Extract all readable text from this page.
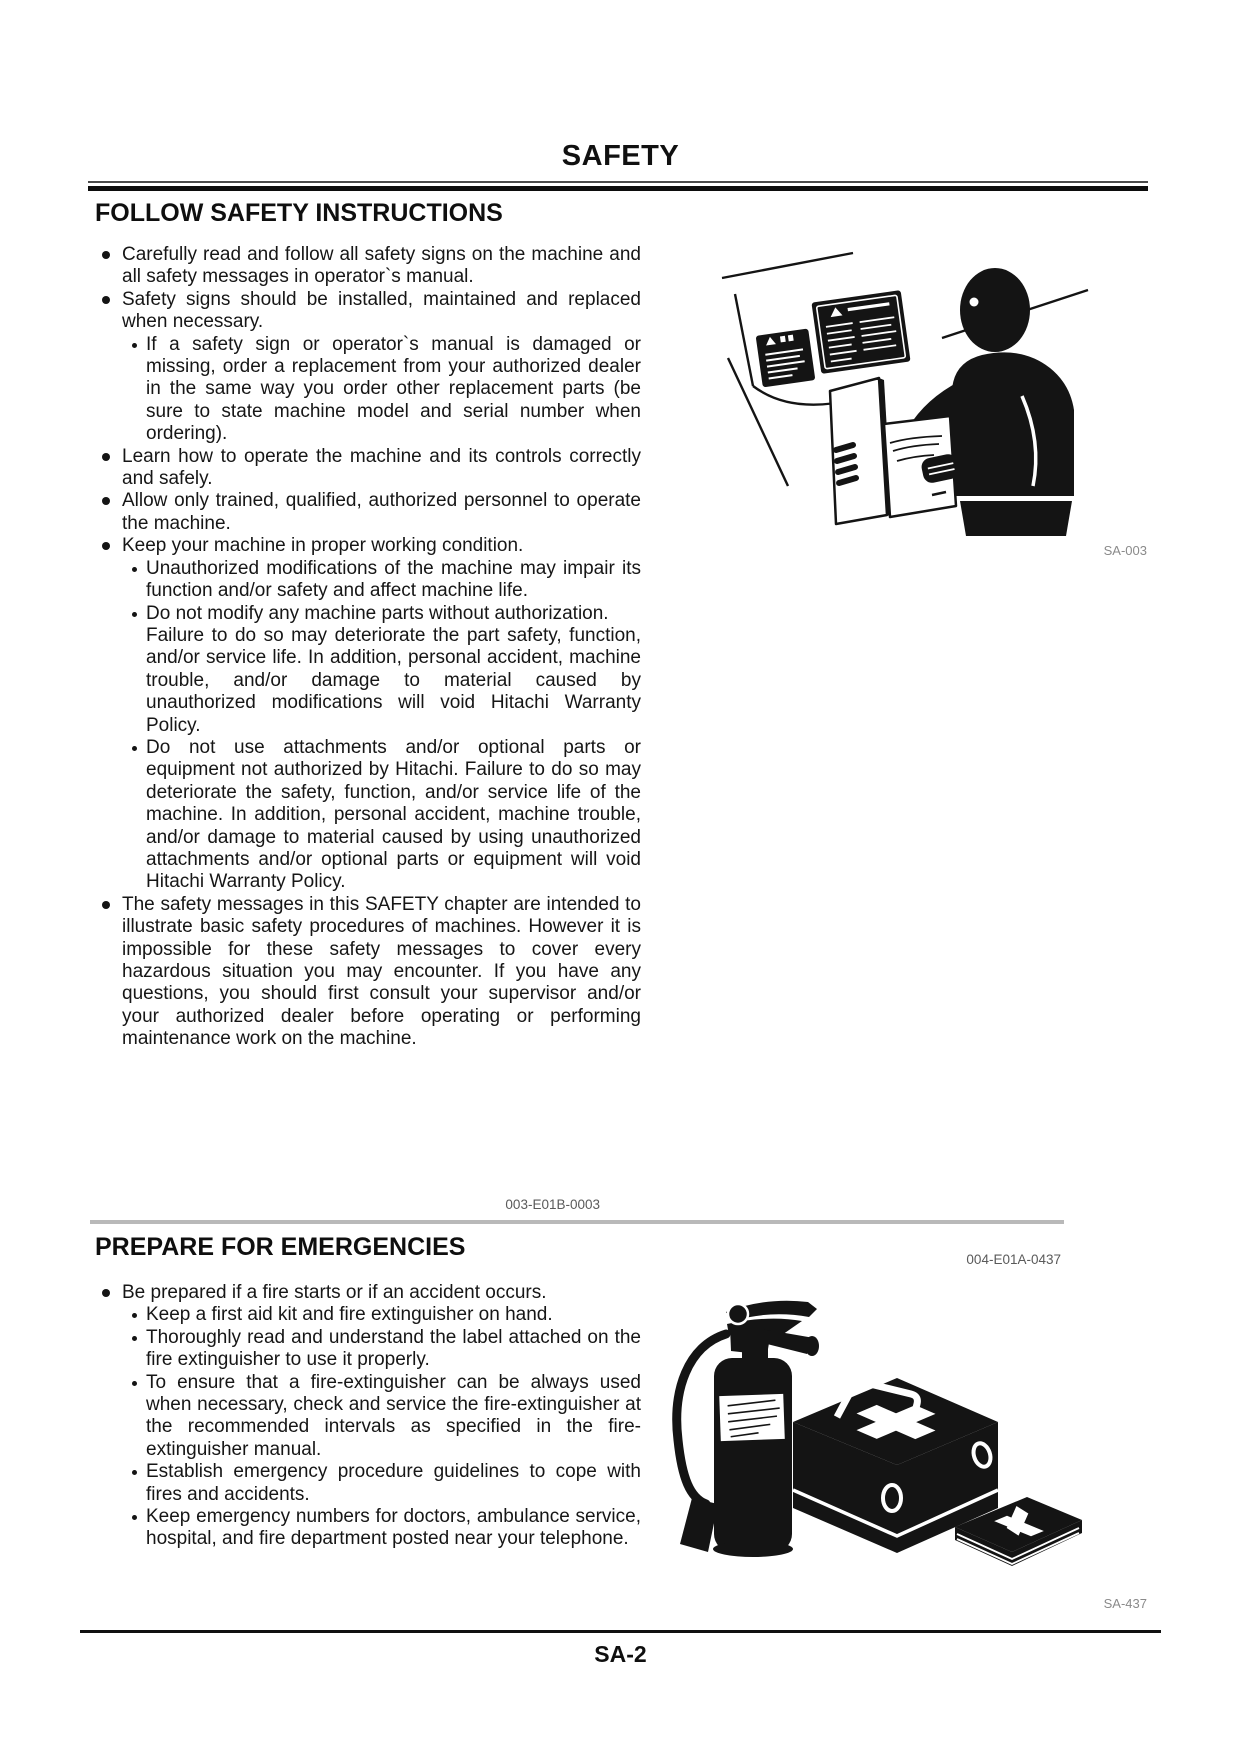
SAFETY
FOLLOW SAFETY INSTRUCTIONS
Carefully read and follow all safety signs on the machine and all safety messages in operator`s manual.
Safety signs should be installed, maintained and replaced when necessary.
If a safety sign or operator`s manual is damaged or missing, order a replacement from your authorized dealer in the same way you order other replacement parts (be sure to state machine model and serial number when ordering).
Learn how to operate the machine and its controls correctly and safely.
Allow only trained, qualified, authorized personnel to operate the machine.
Keep your machine in proper working condition.
Unauthorized modifications of the machine may impair its function and/or safety and affect machine life.
Do not modify any machine parts without authorization.
Failure to do so may deteriorate the part safety, function, and/or service life. In addition, personal accident, machine trouble, and/or damage to material caused by unauthorized modifications will void Hitachi Warranty Policy.
Do not use attachments and/or optional parts or equipment not authorized by Hitachi. Failure to do so may deteriorate the safety, function, and/or service life of the machine. In addition, personal accident, machine trouble, and/or damage to material caused by using unauthorized attachments and/or optional parts or equipment will void Hitachi Warranty Policy.
The safety messages in this SAFETY chapter are intended to illustrate basic safety procedures of machines. However it is impossible for these safety messages to cover every hazardous situation you may encounter. If you have any questions, you should first consult your supervisor and/or your authorized dealer before operating or performing maintenance work on the machine.
SA-003
003-E01B-0003
PREPARE FOR EMERGENCIES	004-E01A-0437
Be prepared if a fire starts or if an accident occurs.
Keep a first aid kit and fire extinguisher on hand.
Thoroughly read and understand the label attached on the fire extinguisher to use it properly.
To ensure that a fire-extinguisher can be always used when necessary, check and service the fire-extinguisher at the recommended intervals as specified in the fire-extinguisher manual.
Establish emergency procedure guidelines to cope with fires and accidents.
Keep emergency numbers for doctors, ambulance service, hospital, and fire department posted near your telephone.
SA-437
SA-2
